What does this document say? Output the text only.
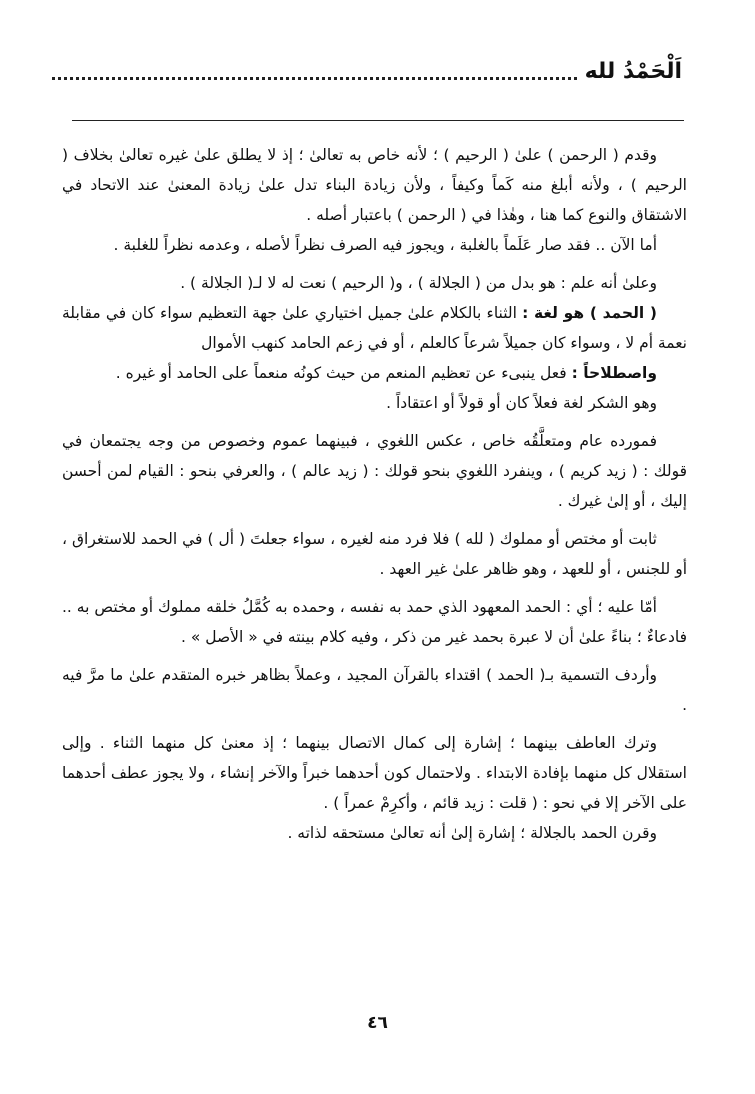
اَلْحَمْدُ لله

وقدم ( الرحمن ) علىٰ ( الرحيم ) ؛ لأنه خاص به تعالىٰ ؛ إذ لا يطلق علىٰ غيره تعالىٰ بخلاف ( الرحيم ) ، ولأنه أبلغ منه كَماً وكيفاً ، ولأن زيادة البناء تدل علىٰ زيادة المعنىٰ عند الاتحاد في الاشتقاق والنوع كما هنا ، وهٰذا في ( الرحمن ) باعتبار أصله .

أما الآن .. فقد صار عَلَماً بالغلبة ، ويجوز فيه الصرف نظراً لأصله ، وعدمه نظراً للغلبة .

وعلىٰ أنه علم : هو بدل من ( الجلالة ) ، و( الرحيم ) نعت له لا لـ( الجلالة ) .

( الحمد ) هو لغة : الثناء بالكلام علىٰ جميل اختياري علىٰ جهة التعظيم سواء كان في مقابلة نعمة أم لا ، وسواء كان جميلاً شرعاً كالعلم ، أو في زعم الحامد كنهب الأموال

واصطلاحاً : فعل ينبىء عن تعظيم المنعم من حيث كونُه منعماً على الحامد أو غيره .

وهو الشكر لغة فعلاً كان أو قولاً أو اعتقاداً .

فمورده عام ومتعلَّقُه خاص ، عكس اللغوي ، فبينهما عموم وخصوص من وجه يجتمعان في قولك : ( زيد كريم ) ، وينفرد اللغوي بنحو قولك : ( زيد عالم ) ، والعرفي بنحو : القيام لمن أحسن إليك ، أو إلىٰ غيرك .

ثابت أو مختص أو مملوك ( لله ) فلا فرد منه لغيره ، سواء جعلتَ ( أل ) في الحمد للاستغراق ، أو للجنس ، أو للعهد ، وهو ظاهر علىٰ غير العهد .

أمّا عليه ؛ أي : الحمد المعهود الذي حمد به نفسه ، وحمده به كُمَّلُ خلقه مملوك أو مختص به .. فادعاءٌ ؛ بناءً علىٰ أن لا عبرة بحمد غير من ذكر ، وفيه كلام بينته في « الأصل » .

وأردف التسمية بـ( الحمد ) اقتداء بالقرآن المجيد ، وعملاً بظاهر خبره المتقدم علىٰ ما مرَّ فيه .

وترك العاطف بينهما ؛ إشارة إلى كمال الاتصال بينهما ؛ إذ معنىٰ كل منهما الثناء . وإلى استقلال كل منهما بإفادة الابتداء . ولاحتمال كون أحدهما خبراً والآخر إنشاء ، ولا يجوز عطف أحدهما على الآخر إلا في نحو : ( قلت : زيد قائم ، وأكرِمْ عمراً ) .

وقرن الحمد بالجلالة ؛ إشارة إلىٰ أنه تعالىٰ مستحقه لذاته .

٤٦
